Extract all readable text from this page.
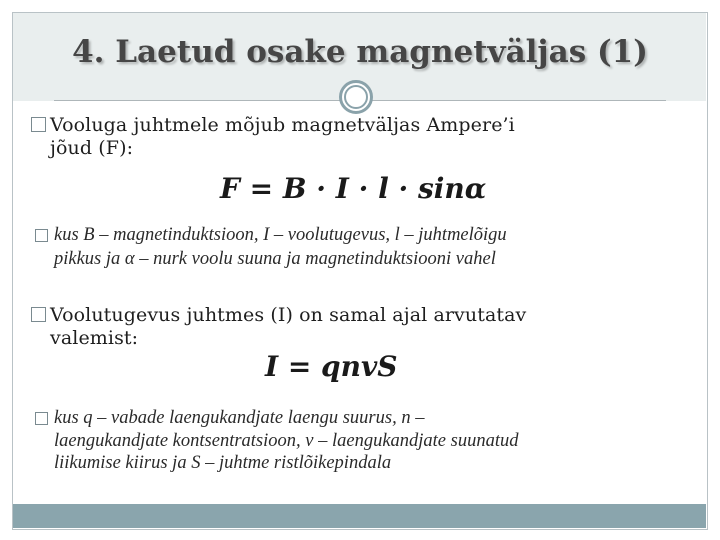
4. Laetud osake magnetväljas (1)
Vooluga juhtmele mõjub magnetväljas Ampere’i
jõud (F):
F = B · I · l · sinα
kus B – magnetinduktsioon, I – voolutugevus, l – juhtmelõigu
pikkus ja α – nurk voolu suuna ja magnetinduktsiooni vahel
Voolutugevus juhtmes (I) on samal ajal arvutatav
valemist:
I = qnvS
kus q – vabade laengukandjate laengu suurus, n –
laengukandjate kontsentratsioon, v – laengukandjate suunatud
liikumise kiirus ja S – juhtme ristlõikepindala
